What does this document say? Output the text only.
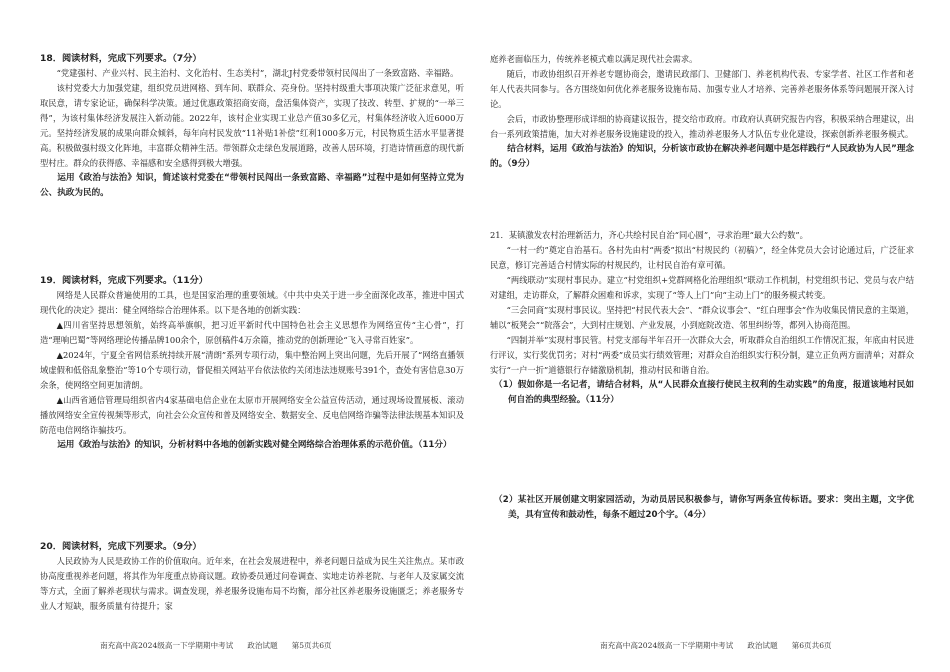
18．阅读材料，完成下列要求。（7分）

“党建强村、产业兴村、民主治村、文化治村、生态美村”，湖北J村党委带领村民闯出了一条致富路、幸福路。

该村党委大力加强党建，组织党员进网格、到车间、联群众、亮身份。坚持村级重大事项决策广泛征求意见，听取民意，请专家论证，确保科学决策。通过优惠政策招商安商，盘活集体资产，实现了技改、转型、扩规的“一举三得”，为该村集体经济发展注入新动能。2022年，该村企业实现工业总产值30多亿元，村集体经济收入近6000万元。坚持经济发展的成果向群众倾斜，每年向村民发放“11补贴1补偿”红利1000多万元，村民物质生活水平显著提高。积极做强村级文化阵地，丰富群众精神生活。带领群众走绿色发展道路，改善人居环境，打造诗情画意的现代新型村庄。群众的获得感、幸福感和安全感得到极大增强。

运用《政治与法治》知识，简述该村党委在“带领村民闯出一条致富路、幸福路”过程中是如何坚持立党为公、执政为民的。

19．阅读材料，完成下列要求。（11分）

网络是人民群众普遍使用的工具，也是国家治理的重要领域。《中共中央关于进一步全面深化改革，推进中国式现代化的决定》提出：健全网络综合治理体系。以下是各地的创新实践：

▲四川省坚持思想领航，始终高举旗帜，把习近平新时代中国特色社会主义思想作为网络宣传“主心骨”，打造“理响巴蜀”等网络理论传播品牌100余个，原创稿件4万余篇，推动党的创新理论“飞入寻常百姓家”。

▲2024年，宁夏全省网信系统持续开展“清朗”系列专项行动，集中整治网上突出问题，先后开展了“网络直播领域虚假和低俗乱象整治”等10个专项行动，督促相关网站平台依法依约关闭违法违规账号391个，查处有害信息30万余条，使网络空间更加清朗。

▲山西省通信管理局组织省内4家基础电信企业在太原市开展网络安全公益宣传活动，通过现场设置展板、滚动播放网络安全宣传视频等形式，向社会公众宣传和普及网络安全、数据安全、反电信网络诈骗等法律法规基本知识及防范电信网络诈骗技巧。

运用《政治与法治》的知识，分析材料中各地的创新实践对健全网络综合治理体系的示范价值。（11分）

20．阅读材料，完成下列要求。（9分）

人民政协为人民是政协工作的价值取向。近年来，在社会发展进程中，养老问题日益成为民生关注焦点。某市政协高度重视养老问题，将其作为年度重点协商议题。政协委员通过问卷调查、实地走访养老院、与老年人及家属交流等方式，全面了解养老现状与需求。调查发现，养老服务设施布局不均衡，部分社区养老服务设施匮乏；养老服务专业人才短缺，服务质量有待提升；家

南充高中高2024级高一下学期期中考试 政治试题 第5页共6页

庭养老面临压力，传统养老模式难以满足现代社会需求。

随后，市政协组织召开养老专题协商会，邀请民政部门、卫健部门、养老机构代表、专家学者、社区工作者和老年人代表共同参与。各方围绕如何优化养老服务设施布局、加强专业人才培养、完善养老服务体系等问题展开深入讨论。

会后，市政协整理形成详细的协商建议报告，提交给市政府。市政府认真研究报告内容，积极采纳合理建议，出台一系列政策措施，加大对养老服务设施建设的投入，推动养老服务人才队伍专业化建设，探索创新养老服务模式。

结合材料，运用《政治与法治》的知识，分析该市政协在解决养老问题中是怎样践行“人民政协为人民”理念的。（9分）

21．某镇激发农村治理新活力，齐心共绘村民自治“同心圆”，寻求治理“最大公约数”。

“一村一约”奠定自治基石。各村先由村“两委”拟出“村规民约（初稿）”，经全体党员大会讨论通过后，广泛征求民意，修订完善适合村情实际的村规民约，让村民自治有章可循。

“两线联动”实现村事民办。建立“村党组织+党群网格化治理组织”联动工作机制，村党组织书记、党员与农户结对建组，走访群众，了解群众困难和诉求，实现了“等人上门”向“主动上门”的服务模式转变。

“三会同商”实现村事民议。坚持把“村民代表大会”、“群众议事会”、“红白理事会”作为收集民情民意的主渠道，辅以“板凳会”“院落会”，大到村庄规划、产业发展，小到庭院改造、邻里纠纷等，都列入协商范围。

“四制并举”实现村事民管。村党支部每半年召开一次群众大会，听取群众自治组织工作情况汇报，年底由村民进行评议，实行奖优罚劣；对村“两委”成员实行绩效管理；对群众自治组织实行积分制，建立正负两方面清单；对群众实行“一户一折”道德银行存储激励机制，推动村民和谐自治。

（1）假如你是一名记者，请结合材料，从“人民群众直接行使民主权利的生动实践”的角度，报道该地村民如何自治的典型经验。（11分）

（2）某社区开展创建文明家园活动，为动员居民积极参与，请你写两条宣传标语。要求：突出主题，文字优美，具有宣传和鼓动性，每条不超过20个字。（4分）

南充高中高2024级高一下学期期中考试 政治试题 第6页共6页
